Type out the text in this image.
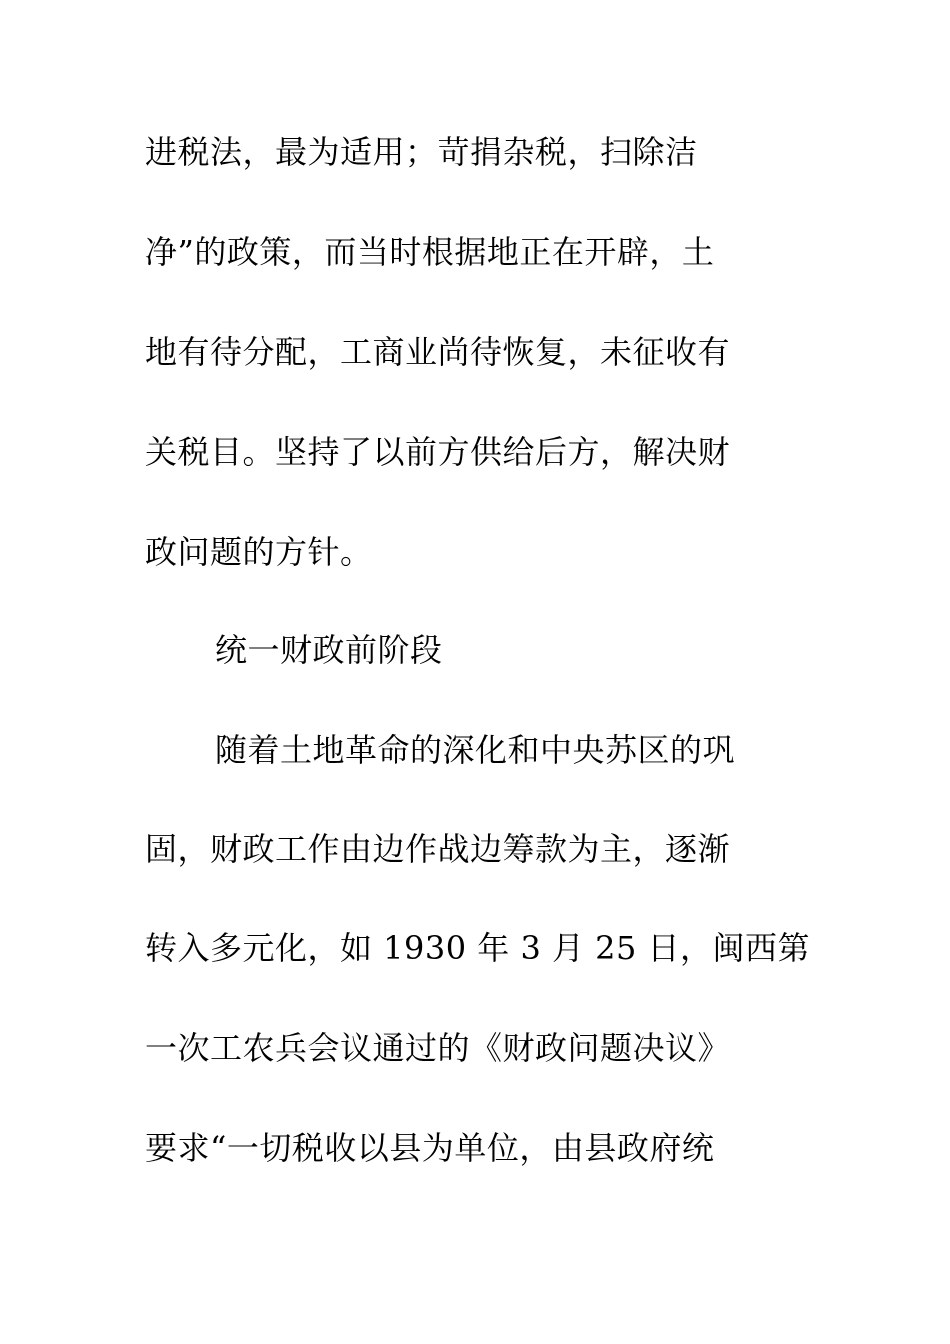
进税法，最为适用；苛捐杂税，扫除洁
净”的政策，而当时根据地正在开辟，土
地有待分配，工商业尚待恢复，未征收有
关税目。坚持了以前方供给后方，解决财
政问题的方针。
统一财政前阶段
随着土地革命的深化和中央苏区的巩
固，财政工作由边作战边筹款为主，逐渐
转入多元化，如 1930 年 3 月 25 日，闽西第
一次工农兵会议通过的《财政问题决议》
要求“一切税收以县为单位，由县政府统
